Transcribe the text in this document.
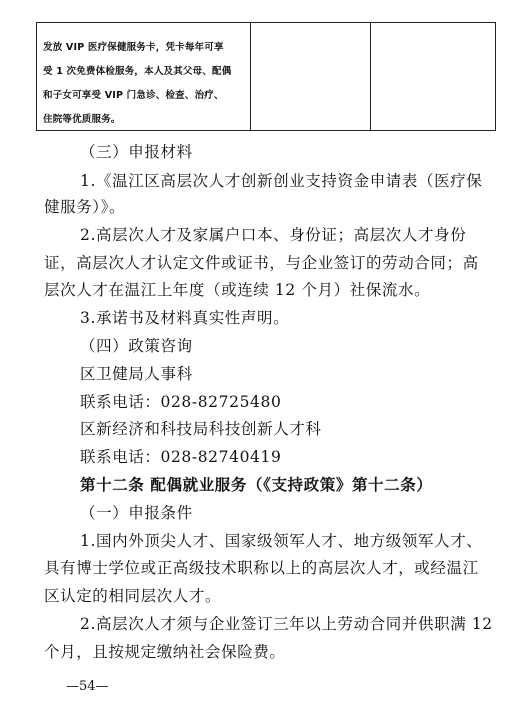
发放 VIP 医疗保健服务卡，凭卡每年可享
受 1 次免费体检服务，本人及其父母、配偶
和子女可享受 VIP 门急诊、检查、治疗、
住院等优质服务。
（三）申报材料
1.《温江区高层次人才创新创业支持资金申请表（医疗保
健服务）》。
2.高层次人才及家属户口本、身份证；高层次人才身份
证，高层次人才认定文件或证书，与企业签订的劳动合同；高
层次人才在温江上年度（或连续 12 个月）社保流水。
3.承诺书及材料真实性声明。
（四）政策咨询
区卫健局人事科
联系电话：028-82725480
区新经济和科技局科技创新人才科
联系电话：028-82740419
第十二条 配偶就业服务（《支持政策》第十二条）
（一）申报条件
1.国内外顶尖人才、国家级领军人才、地方级领军人才、
具有博士学位或正高级技术职称以上的高层次人才，或经温江
区认定的相同层次人才。
2.高层次人才须与企业签订三年以上劳动合同并供职满 12
个月，且按规定缴纳社会保险费。
—54—
